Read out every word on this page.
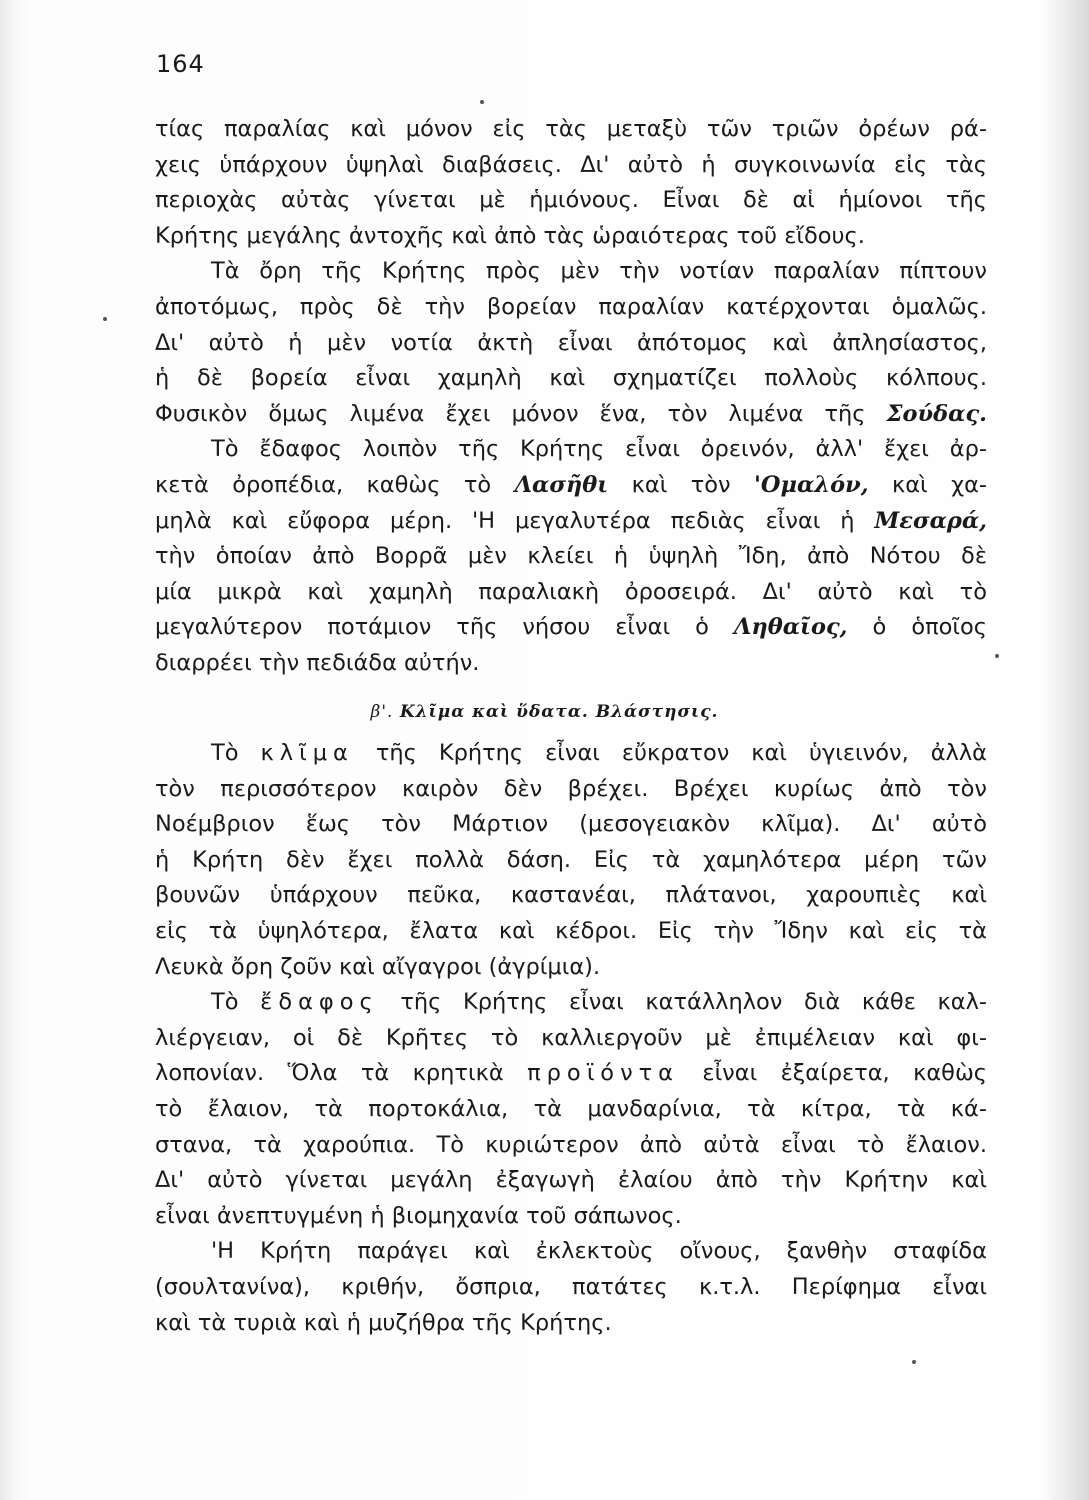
164
τίας παραλίας καὶ μόνον εἰς τὰς μεταξὺ τῶν τριῶν ὀρέων ρά-
χεις ὑπάρχουν ὑψηλαὶ διαβάσεις. Δι' αὐτὸ ἡ συγκοινωνία εἰς τὰς
περιοχὰς αὐτὰς γίνεται μὲ ἡμιόνους. Εἶναι δὲ αἱ ἡμίονοι τῆς
Κρήτης μεγάλης ἀντοχῆς καὶ ἀπὸ τὰς ὡραιότερας τοῦ εἴδους.
Τὰ ὄρη τῆς Κρήτης πρὸς μὲν τὴν νοτίαν παραλίαν πίπτουν
ἀποτόμως, πρὸς δὲ τὴν βορείαν παραλίαν κατέρχονται ὁμαλῶς.
Δι' αὐτὸ ἡ μὲν νοτία ἀκτὴ εἶναι ἀπότομος καὶ ἀπλησίαστος,
ἡ δὲ βορεία εἶναι χαμηλὴ καὶ σχηματίζει πολλοὺς κόλπους.
Φυσικὸν ὅμως λιμένα ἔχει μόνον ἕνα, τὸν λιμένα τῆς Σούδας.
Τὸ ἔδαφος λοιπὸν τῆς Κρήτης εἶναι ὀρεινόν, ἀλλ' ἔχει ἀρ-
κετὰ ὀροπέδια, καθὼς τὸ Λασῆθι καὶ τὸν 'Ομαλόν, καὶ χα-
μηλὰ καὶ εὔφορα μέρη. 'Η μεγαλυτέρα πεδιὰς εἶναι ἡ Μεσαρά,
τὴν ὁποίαν ἀπὸ Βορρᾶ μὲν κλείει ἡ ὑψηλὴ Ἴδη, ἀπὸ Νότου δὲ
μία μικρὰ καὶ χαμηλὴ παραλιακὴ ὀροσειρά. Δι' αὐτὸ καὶ τὸ
μεγαλύτερον ποτάμιον τῆς νήσου εἶναι ὁ Ληθαῖος, ὁ ὁποῖος
διαρρέει τὴν πεδιάδα αὐτήν.
β'. Κλῖμα καὶ ὕδατα. Βλάστησις.
Τὸ κλῖμα τῆς Κρήτης εἶναι εὔκρατον καὶ ὑγιεινόν, ἀλλὰ
τὸν περισσότερον καιρὸν δὲν βρέχει. Βρέχει κυρίως ἀπὸ τὸν
Νοέμβριον ἕως τὸν Μάρτιον (μεσογειακὸν κλῖμα). Δι' αὐτὸ
ἡ Κρήτη δὲν ἔχει πολλὰ δάση. Εἰς τὰ χαμηλότερα μέρη τῶν
βουνῶν ὑπάρχουν πεῦκα, καστανέαι, πλάτανοι, χαρουπιὲς καὶ
εἰς τὰ ὑψηλότερα, ἔλατα καὶ κέδροι. Εἰς τὴν Ἴδην καὶ εἰς τὰ
Λευκὰ ὄρη ζοῦν καὶ αἴγαγροι (ἀγρίμια).
Τὸ ἔδαφος τῆς Κρήτης εἶναι κατάλληλον διὰ κάθε καλ-
λιέργειαν, οἱ δὲ Κρῆτες τὸ καλλιεργοῦν μὲ ἐπιμέλειαν καὶ φι-
λοπονίαν. Ὅλα τὰ κρητικὰ προϊόντα εἶναι ἐξαίρετα, καθὼς
τὸ ἔλαιον, τὰ πορτοκάλια, τὰ μανδαρίνια, τὰ κίτρα, τὰ κά-
στανα, τὰ χαρούπια. Τὸ κυριώτερον ἀπὸ αὐτὰ εἶναι τὸ ἔλαιον.
Δι' αὐτὸ γίνεται μεγάλη ἐξαγωγὴ ἐλαίου ἀπὸ τὴν Κρήτην καὶ
εἶναι ἀνεπτυγμένη ἡ βιομηχανία τοῦ σάπωνος.
'Η Κρήτη παράγει καὶ ἐκλεκτοὺς οἴνους, ξανθὴν σταφίδα
(σουλτανίνα), κριθήν, ὄσπρια, πατάτες κ.τ.λ. Περίφημα εἶναι
καὶ τὰ τυριὰ καὶ ἡ μυζήθρα τῆς Κρήτης.
